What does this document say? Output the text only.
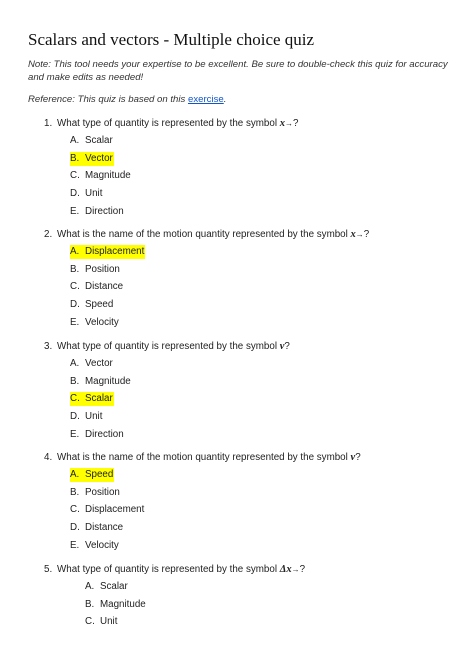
Scalars and vectors - Multiple choice quiz
Note: This tool needs your expertise to be excellent. Be sure to double-check this quiz for accuracy and make edits as needed!
Reference: This quiz is based on this exercise.
1. What type of quantity is represented by the symbol x→?
A. Scalar
B. Vector
C. Magnitude
D. Unit
E. Direction
2. What is the name of the motion quantity represented by the symbol x→?
A. Displacement
B. Position
C. Distance
D. Speed
E. Velocity
3. What type of quantity is represented by the symbol v?
A. Vector
B. Magnitude
C. Scalar
D. Unit
E. Direction
4. What is the name of the motion quantity represented by the symbol v?
A. Speed
B. Position
C. Displacement
D. Distance
E. Velocity
5. What type of quantity is represented by the symbol Δx→?
A. Scalar
B. Magnitude
C. Unit
